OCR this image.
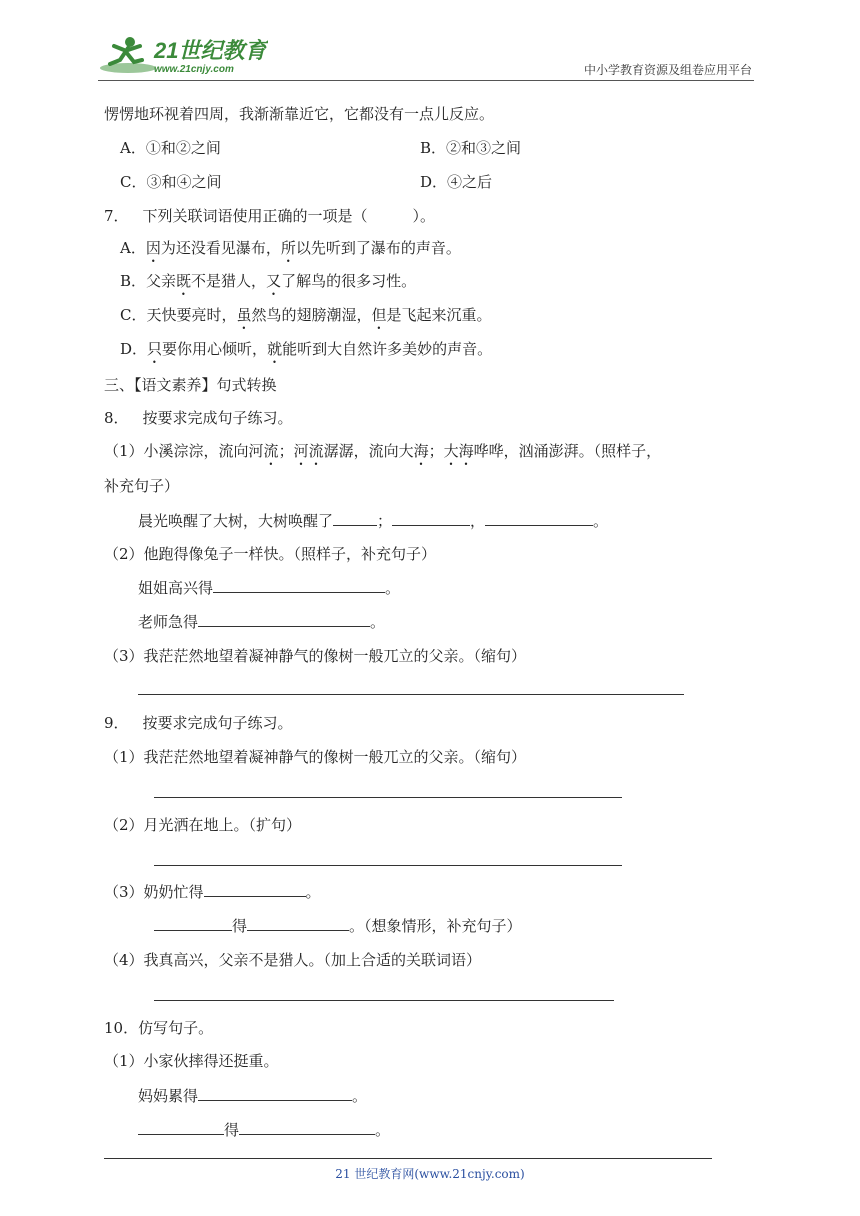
21世纪教育
www.21cnjy.com	中小学教育资源及组卷应用平台
愣愣地环视着四周，我渐渐靠近它，它都没有一点儿反应。
A．①和②之间	B．②和③之间
C．③和④之间	D．④之后
7． 下列关联词语使用正确的一项是（　　　）。
A．因为还没看见瀑布，所以先听到了瀑布的声音。
B．父亲既不是猎人，又了解鸟的很多习性。
C．天快要亮时，虽然鸟的翅膀潮湿，但是飞起来沉重。
D．只要你用心倾听，就能听到大自然许多美妙的声音。
三、【语文素养】句式转换
8． 按要求完成句子练习。
（1）小溪淙淙，流向河流；河流潺潺，流向大海；大海哗哗，汹涌澎湃。（照样子，
补充句子）
晨光唤醒了大树，大树唤醒了	；	，	。
（2）他跑得像兔子一样快。（照样子，补充句子）
姐姐高兴得	。
老师急得	。
（3）我茫茫然地望着凝神静气的像树一般兀立的父亲。（缩句）
9． 按要求完成句子练习。
（1）我茫茫然地望着凝神静气的像树一般兀立的父亲。（缩句）
（2）月光洒在地上。（扩句）
（3）奶奶忙得	。
得	。（想象情形，补充句子）
（4）我真高兴，父亲不是猎人。（加上合适的关联词语）
10．仿写句子。
（1）小家伙摔得还挺重。
妈妈累得	。
得	。
21 世纪教育网(www.21cnjy.com)
